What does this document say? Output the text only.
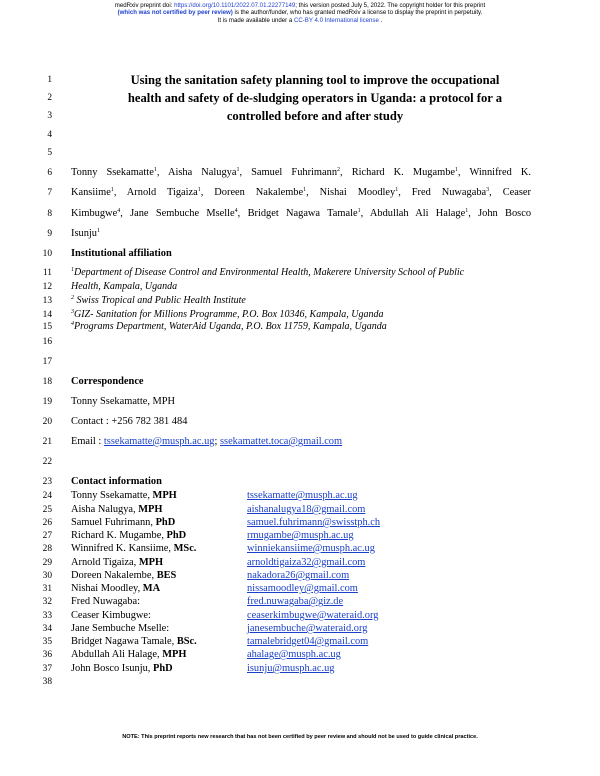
medRxiv preprint doi: https://doi.org/10.1101/2022.07.01.22277149; this version posted July 5, 2022. The copyright holder for this preprint
(which was not certified by peer review) is the author/funder, who has granted medRxiv a license to display the preprint in perpetuity.
It is made available under a CC-BY 4.0 International license .
1
2
3
4
5
6
7
8
9
10
11
12
13
14
15
16
17
18
19
20
21
22
23
24
25
26
27
28
29
30
31
32
33
34
35
36
37
38
Using the sanitation safety planning tool to improve the occupational
health and safety of de-sludging operators in Uganda: a protocol for a
controlled before and after study
Tonny Ssekamatte$^1$, Aisha Nalugya$^1$, Samuel Fuhrimann$^2$, Richard K. Mugambe$^1$, Winnifred K.
Kansiime$^1$, Arnold Tigaiza$^1$, Doreen Nakalembe$^1$, Nishai Moodley$^1$, Fred Nuwagaba$^3$, Ceaser
Kimbugwe$^4$, Jane Sembuche Mselle$^4$, Bridget Nagawa Tamale$^1$, Abdullah Ali Halage$^1$, John Bosco
Isunju$^1$
Institutional affiliation
$^1$Department of Disease Control and Environmental Health, Makerere University School of Public
Health, Kampala, Uganda
$^2$ Swiss Tropical and Public Health Institute
$^3$GIZ- Sanitation for Millions Programme, P.O. Box 10346, Kampala, Uganda
$^4$Programs Department, WaterAid Uganda, P.O. Box 11759, Kampala, Uganda
Correspondence
Tonny Ssekamatte, MPH
Contact : +256 782 381 484
Email : tssekamatte@musph.ac.ug; ssekamattet.toca@gmail.com
Contact information
Tonny Ssekamatte, MPH	tssekamatte@musph.ac.ug
Aisha Nalugya, MPH	aishanalugya18@gmail.com
Samuel Fuhrimann, PhD	samuel.fuhrimann@swisstph.ch
Richard K. Mugambe, PhD	rmugambe@musph.ac.ug
Winnifred K. Kansiime, MSc.	winniekansiime@musph.ac.ug
Arnold Tigaiza, MPH	arnoldtigaiza32@gmail.com
Doreen Nakalembe, BES	nakadora26@gmail.com
Nishai Moodley, MA	nissamoodley@gmail.com
Fred Nuwagaba:	fred.nuwagaba@giz.de
Ceaser Kimbugwe:	ceaserkimbugwe@wateraid.org
Jane Sembuche Mselle:	janesembuche@wateraid.org
Bridget Nagawa Tamale, BSc.	tamalebridget04@gmail.com
Abdullah Ali Halage, MPH	ahalage@musph.ac.ug
John Bosco Isunju, PhD	isunju@musph.ac.ug
NOTE: This preprint reports new research that has not been certified by peer review and should not be used to guide clinical practice.
